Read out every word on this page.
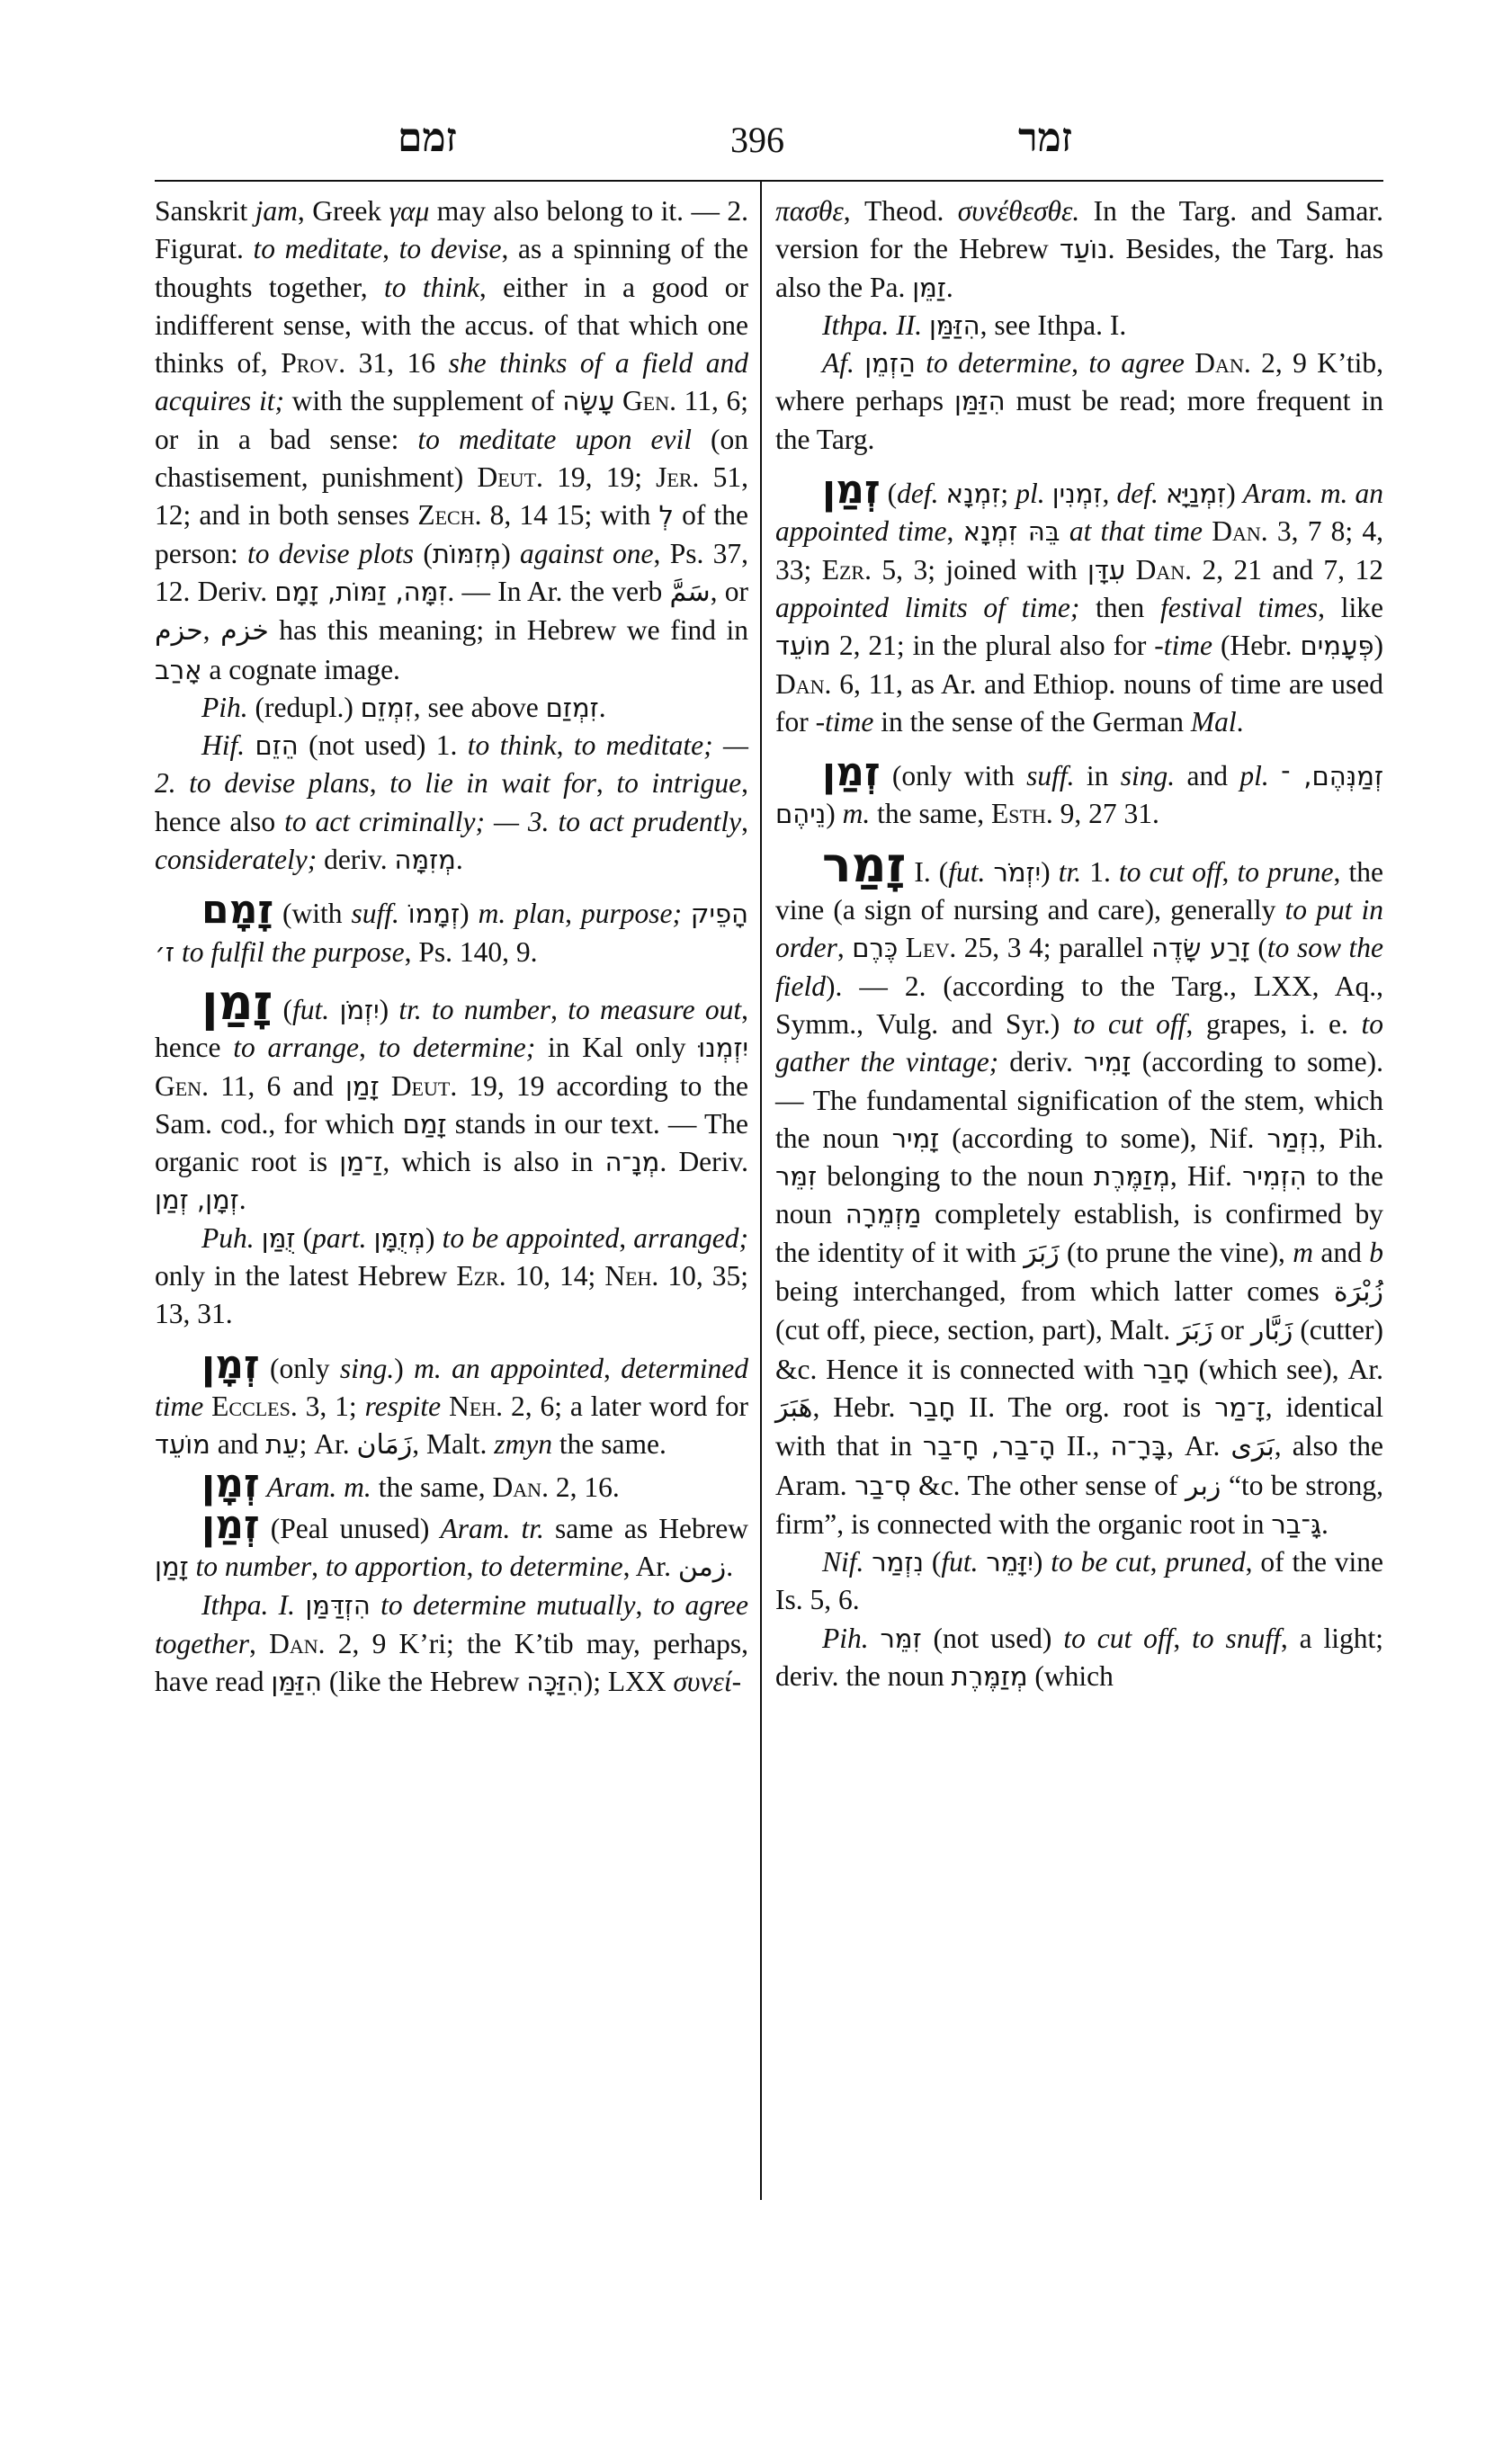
זמם	396	זמר

Sanskrit jam, Greek γαμ may also belong to it. — 2. Figurat. to meditate, to devise, as a spinning of the thoughts together, to think, either in a good or indifferent sense, with the accus. of that which one thinks of, Prov. 31, 16 she thinks of a field and acquires it; with the supplement of עָשָׂה Gen. 11, 6; or in a bad sense: to meditate upon evil (on chastisement, punishment) Deut. 19, 19; Jer. 51, 12; and in both senses Zech. 8, 14 15; with לְ of the person: to devise plots (מְזִמּוֹת) against one, Ps. 37, 12. Deriv. זִמָּה, זַמּוֹת, זָמָם. — In Ar. the verb سَمَّ, or حزم, خزم has this meaning; in Hebrew we find in אָרַב a cognate image.

Pih. (redupl.) זִמְזֵם, see above זִמְזַם.

Hif. הֵזֵם (not used) 1. to think, to meditate; — 2. to devise plans, to lie in wait for, to intrigue, hence also to act criminally; — 3. to act prudently, considerately; deriv. מְזִמָּה.

זָמָם (with suff. זְמָמוֹ) m. plan, purpose; הָפֵיק ז׳ to fulfil the purpose, Ps. 140, 9.

זָמַן (fut. יִזְמֹן) tr. to number, to measure out, hence to arrange, to determine; in Kal only יִזְמְנוּ Gen. 11, 6 and זָמַן Deut. 19, 19 according to the Sam. cod., for which זָמַם stands in our text. — The organic root is זַ־מַן, which is also in מְנָ־ה. Deriv. זְמָן, זְמַן.

Puh. זֻמַּן (part. מְזֻמָּן) to be appointed, arranged; only in the latest Hebrew Ezr. 10, 14; Neh. 10, 35; 13, 31.

זְמָן (only sing.) m. an appointed, determined time Eccles. 3, 1; respite Neh. 2, 6; a later word for מוֹעֵד and עֵת; Ar. زَمَان, Malt. zmyn the same.

זְמָן Aram. m. the same, Dan. 2, 16.

זְמַן (Peal unused) Aram. tr. same as Hebrew זָמַן to number, to apportion, to determine, Ar. زمن.

Ithpa. I. הִזְדַּמַּן to determine mutually, to agree together, Dan. 2, 9 K’ri; the K’tib may, perhaps, have read הִזַּמַּן (like the Hebrew הִזַּכָּה); LXX συνεί-

πασθε, Theod. συνέθεσθε. In the Targ. and Samar. version for the Hebrew נוֹעַד. Besides, the Targ. has also the Pa. זַמֵּן.

Ithpa. II. הִזַּמַּן, see Ithpa. I.

Af. הַזְמֵן to determine, to agree Dan. 2, 9 K’tib, where perhaps הִזַּמַּן must be read; more frequent in the Targ.

זְמַן (def. זִמְנָא; pl. זִמְנִין, def. זִמְנַיָּא) Aram. m. an appointed time, בֵּהּ זִמְנָא at that time Dan. 3, 7 8; 4, 33; Ezr. 5, 3; joined with עִדָּן Dan. 2, 21 and 7, 12 appointed limits of time; then festival times, like מוֹעֵד 2, 21; in the plural also for -time (Hebr. פְּעָמִים) Dan. 6, 11, as Ar. and Ethiop. nouns of time are used for -time in the sense of the German Mal.

זְמַן (only with suff. in sing. and pl. זְמַנְּהֶם, ־נֵיהֶם) m. the same, Esth. 9, 27 31.

זָמַר I. (fut. יִזְמֹר) tr. 1. to cut off, to prune, the vine (a sign of nursing and care), generally to put in order, כֶּרֶם Lev. 25, 3 4; parallel זָרַע שָׂדֶה (to sow the field). — 2. (according to the Targ., LXX, Aq., Symm., Vulg. and Syr.) to cut off, grapes, i. e. to gather the vintage; deriv. זָמִיר (according to some). — The fundamental signification of the stem, which the noun זָמִיר (according to some), Nif. נִזְמַר, Pih. זִמֵּר belonging to the noun מְזַמֶּרֶת, Hif. הִזְמִיר to the noun מַזְמֵרָה completely establish, is confirmed by the identity of it with زَبَرَ (to prune the vine), m and b being interchanged, from which latter comes زُبْرَة (cut off, piece, section, part), Malt. زَبَرَ or زَبَّار (cutter) &c. Hence it is connected with חָבַר (which see), Ar. هَبَرَ, Hebr. חָבַר II. The org. root is זָ־מַר, identical with that in הָ־בַר, חָ־בַר II., בָּרָ־ה, Ar. بَرَى, also the Aram. סְ־בַר &c. The other sense of زبر “to be strong, firm”, is connected with the organic root in גָּ־בַר.

Nif. נִזְמַר (fut. יִזָּמֵר) to be cut, pruned, of the vine Is. 5, 6.

Pih. זִמֵּר (not used) to cut off, to snuff, a light; deriv. the noun מְזַמֶּרֶת (which
